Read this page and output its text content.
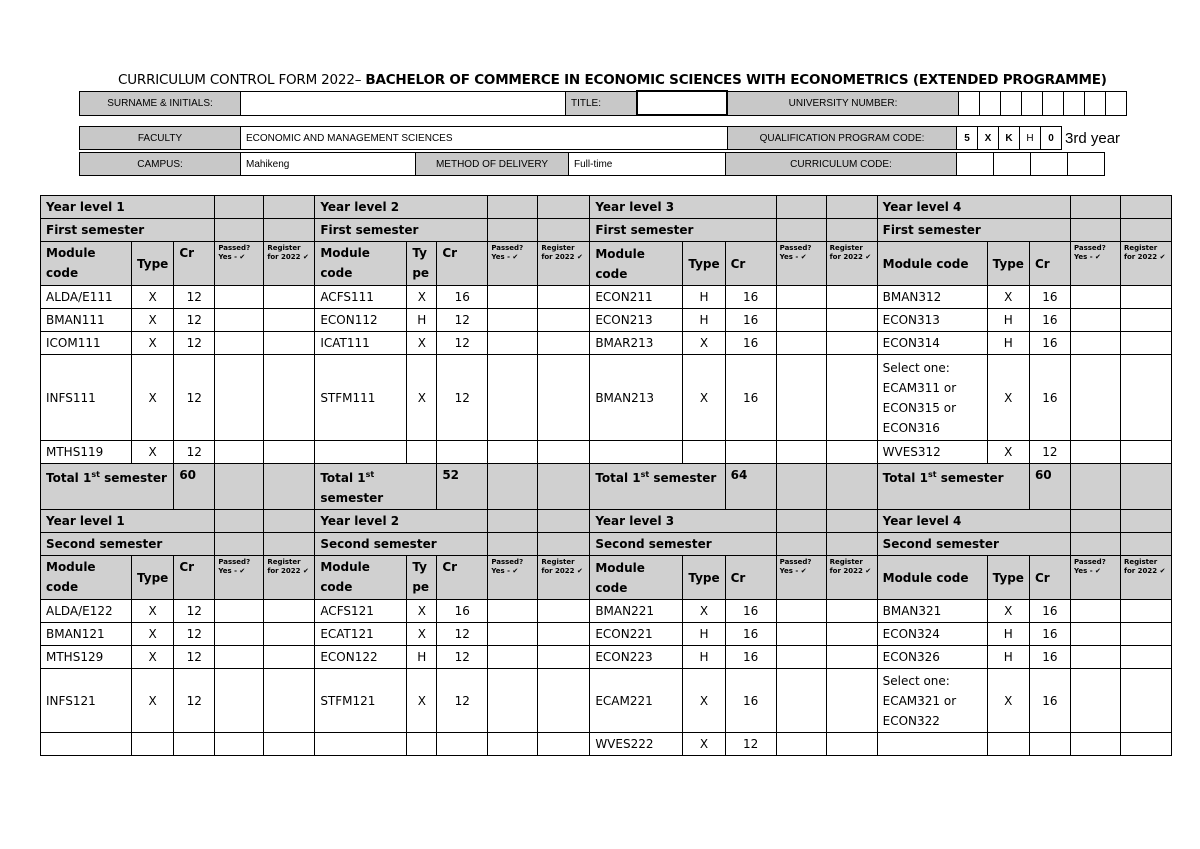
CURRICULUM CONTROL FORM 2022– BACHELOR OF COMMERCE IN ECONOMIC SCIENCES WITH ECONOMETRICS (EXTENDED PROGRAMME)
SURNAME & INITIALS:		TITLE:		UNIVERSITY NUMBER:								
FACULTY	ECONOMIC AND MANAGEMENT SCIENCES	QUALIFICATION PROGRAM CODE:	5	X	K	H	0	3rd year
CAMPUS:	Mahikeng	METHOD OF DELIVERY	Full-time	CURRICULUM CODE:				
Year level 1					Year level 2					Year level 3					Year level 4				
First semester					First semester					First semester					First semester				
Module code	Type	Cr	Passed? Yes - ✔	Register for 2022 ✔	Module code	Ty pe	Cr	Passed? Yes - ✔	Register for 2022 ✔	Module code	Type	Cr	Passed? Yes - ✔	Register for 2022 ✔	Module code	Type	Cr	Passed? Yes - ✔	Register for 2022 ✔
ALDA/E111	X	12			ACFS111	X	16			ECON211	H	16			BMAN312	X	16		
BMAN111	X	12			ECON112	H	12			ECON213	H	16			ECON313	H	16		
ICOM111	X	12			ICAT111	X	12			BMAR213	X	16			ECON314	H	16		
INFS111	X	12			STFM111	X	12			BMAN213	X	16			Select one: ECAM311 or ECON315 or ECON316	X	16		
MTHS119	X	12													WVES312	X	12		
Total 1st semester		60			Total 1st semester		52			Total 1st semester		64			Total 1st semester		60		
Year level 1					Year level 2					Year level 3					Year level 4				
Second semester					Second semester					Second semester					Second semester				
Module code	Type	Cr	Passed? Yes - ✔	Register for 2022 ✔	Module code	Ty pe	Cr	Passed? Yes - ✔	Register for 2022 ✔	Module code	Type	Cr	Passed? Yes - ✔	Register for 2022 ✔	Module code	Type	Cr	Passed? Yes - ✔	Register for 2022 ✔
ALDA/E122	X	12			ACFS121	X	16			BMAN221	X	16			BMAN321	X	16		
BMAN121	X	12			ECAT121	X	12			ECON221	H	16			ECON324	H	16		
MTHS129	X	12			ECON122	H	12			ECON223	H	16			ECON326	H	16		
INFS121	X	12			STFM121	X	12			ECAM221	X	16			Select one: ECAM321 or ECON322	X	16		
										WVES222	X	12							
